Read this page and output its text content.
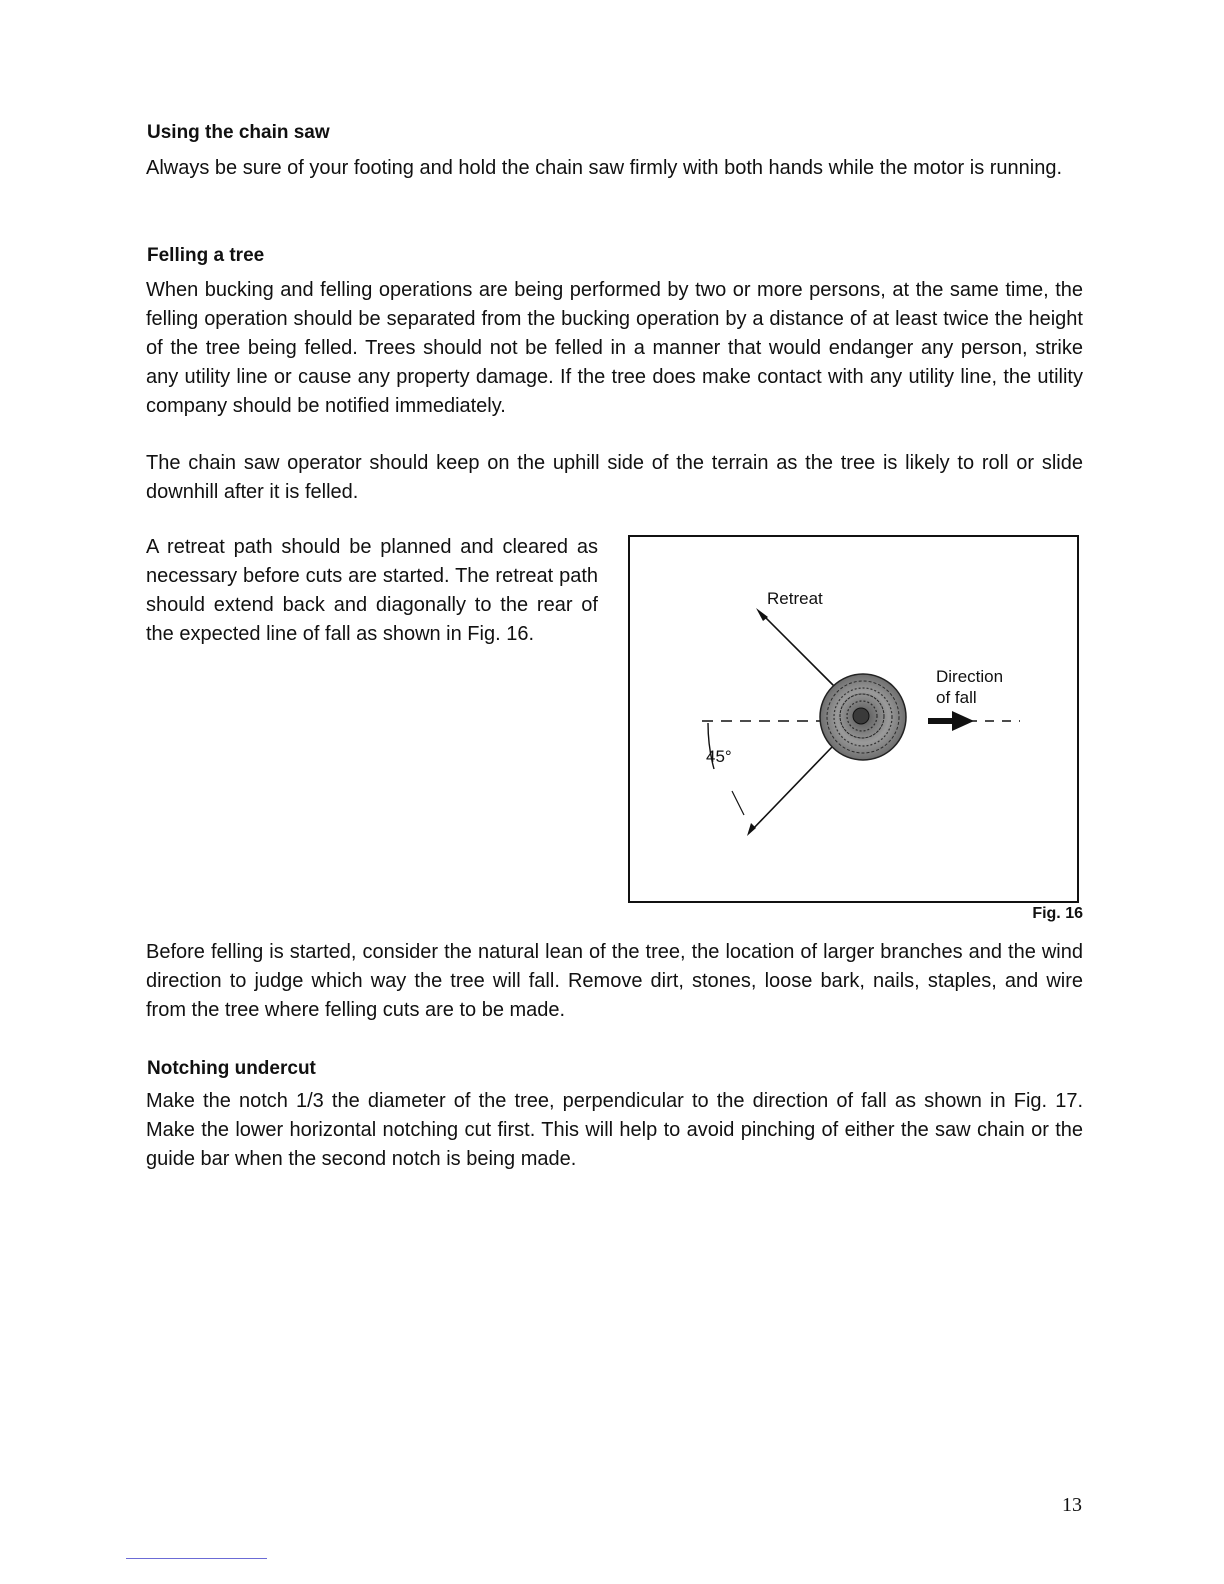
Using the chain saw

Always be sure of your footing and hold the chain saw firmly with both hands while the motor is running.

Felling a tree

When bucking and felling operations are being performed by two or more persons, at the same time, the felling operation should be separated from the bucking operation by a distance of at least twice the height of the tree being felled. Trees should not be felled in a manner that would endanger any person, strike any utility line or cause any property damage. If the tree does make contact with any utility line, the utility company should be notified immediately.

The chain saw operator should keep on the uphill side of the terrain as the tree is likely to roll or slide downhill after it is felled.

A retreat path should be planned and cleared as necessary before cuts are started. The retreat path should extend back and diagonally to the rear of the expected line of fall as shown in Fig. 16.

Retreat

Direction

of fall

45°

Fig. 16

Before felling is started, consider the natural lean of the tree, the location of larger branches and the wind direction to judge which way the tree will fall. Remove dirt, stones, loose bark, nails, staples, and wire from the tree where felling cuts are to be made.

Notching undercut

Make the notch 1/3 the diameter of the tree, perpendicular to the direction of fall as shown in Fig. 17. Make the lower horizontal notching cut first. This will help to avoid pinching of either the saw chain or the guide bar when the second notch is being made.

13
